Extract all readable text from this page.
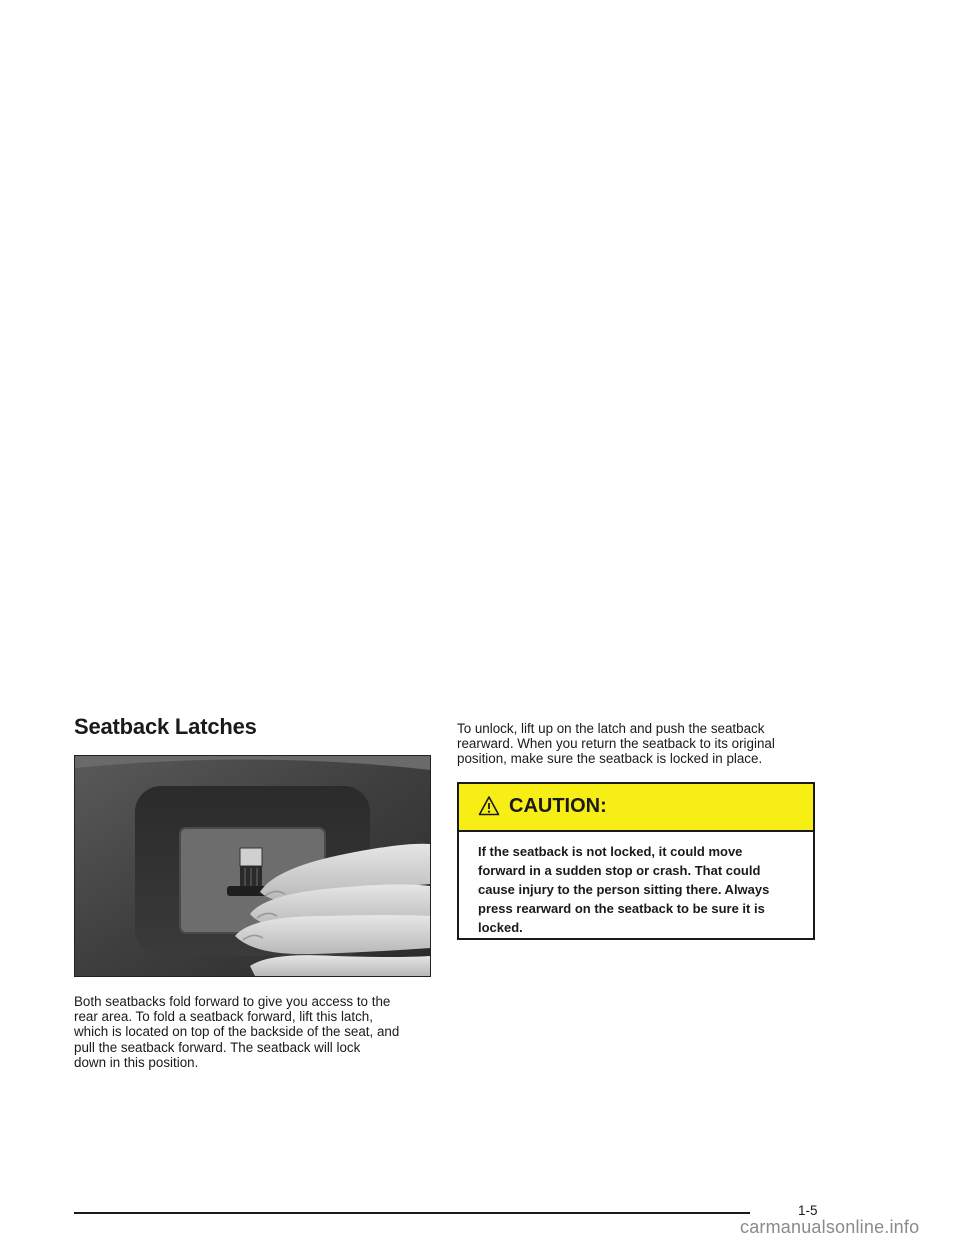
Seatback Latches

Both seatbacks fold forward to give you access to the
rear area. To fold a seatback forward, lift this latch,
which is located on top of the backside of the seat, and
pull the seatback forward. The seatback will lock
down in this position.

To unlock, lift up on the latch and push the seatback
rearward. When you return the seatback to its original
position, make sure the seatback is locked in place.

CAUTION:

If the seatback is not locked, it could move
forward in a sudden stop or crash. That could
cause injury to the person sitting there. Always
press rearward on the seatback to be sure it is
locked.

1-5
carmanualsonline.info
